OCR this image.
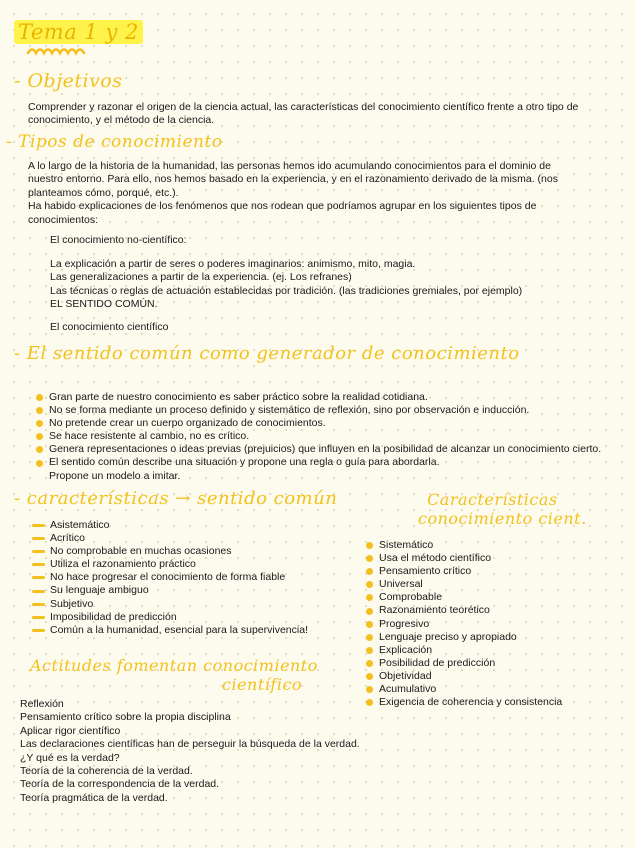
Tema 1 y 2
- Objetivos

Comprender y razonar el origen de la ciencia actual, las características del conocimiento científico frente a otro tipo de conocimiento, y el método de la ciencia.

- Tipos de conocimiento
A lo largo de la historia de la humanidad, las personas hemos ido acumulando conocimientos para el dominio de
nuestro entorno. Para ello, nos hemos basado en la experiencia, y en el razonamiento derivado de la misma. (nos
planteamos cómo, porqué, etc.).
Ha habido explicaciones de los fenómenos que nos rodean que podríamos agrupar en los siguientes tipos de
conocimientos:

El conocimiento no-científico:

La explicación a partir de seres o poderes imaginarios: animismo, mito, magia.
Las generalizaciones a partir de la experiencia. (ej. Los refranes)
Las técnicas o reglas de actuación establecidas por tradición. (las tradiciones gremiales, por ejemplo)
EL SENTIDO COMÚN.

El conocimiento científico

- El sentido común como generador de conocimiento
Gran parte de nuestro conocimiento es saber práctico sobre la realidad cotidiana.
No se forma mediante un proceso definido y sistemático de reflexión, sino por observación e inducción.
No pretende crear un cuerpo organizado de conocimientos.
Se hace resistente al cambio, no es crítico.
Genera representaciones o ideas previas (prejuicios) que influyen en la posibilidad de alcanzar un conocimiento cierto.
El sentido común describe una situación y propone una regla o guía para abordarla.
Propone un modelo a imitar.
- características → sentido común
Asistemático
Acrítico
No comprobable en muchas ocasiones
Utiliza el razonamiento práctico
No hace progresar el conocimiento de forma fiable
Su lenguaje ambiguo
Subjetivo
Imposibilidad de predicción
Común a la humanidad, esencial para la supervivencia!
Características
conocimiento cient.
Sistemático
Usa el método científico
Pensamiento crítico
Universal
Comprobable
Razonamiento teorético
Progresivo
Lenguaje preciso y apropiado
Explicación
Posibilidad de predicción
Objetividad
Acumulativo
Exigencia de coherencia y consistencia
Actitudes fomentan conocimiento
científico
Reflexión
Pensamiento crítico sobre la propia disciplina
Aplicar rigor científico
Las declaraciones científicas han de perseguir la búsqueda de la verdad.
¿Y qué es la verdad?
Teoría de la coherencia de la verdad.
Teoría de la correspondencia de la verdad.
Teoría pragmática de la verdad.
